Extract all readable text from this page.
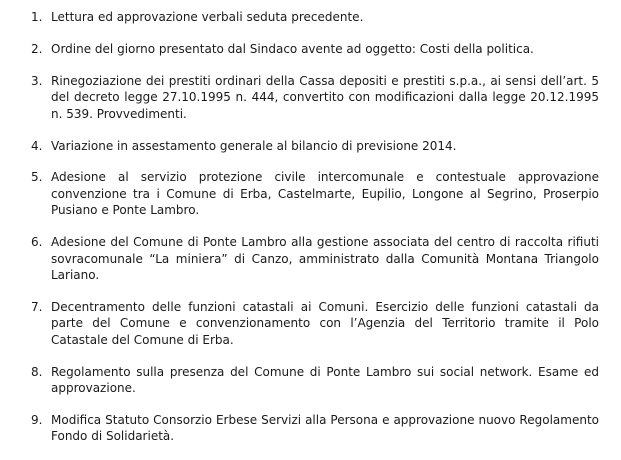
1. Lettura ed approvazione verbali seduta precedente.
2. Ordine del giorno presentato dal Sindaco avente ad oggetto: Costi della politica.
3. Rinegoziazione dei prestiti ordinari della Cassa depositi e prestiti s.p.a., ai sensi dell’art. 5 del decreto legge 27.10.1995 n. 444, convertito con modificazioni dalla legge 20.12.1995 n. 539. Provvedimenti.
4. Variazione in assestamento generale al bilancio di previsione 2014.
5. Adesione al servizio protezione civile intercomunale e contestuale approvazione convenzione tra i Comune di Erba, Castelmarte, Eupilio, Longone al Segrino, Proserpio Pusiano e Ponte Lambro.
6. Adesione del Comune di Ponte Lambro alla gestione associata del centro di raccolta rifiuti sovracomunale “La miniera” di Canzo, amministrato dalla Comunità Montana Triangolo Lariano.
7. Decentramento delle funzioni catastali ai Comuni. Esercizio delle funzioni catastali da parte del Comune e convenzionamento con l’Agenzia del Territorio tramite il Polo Catastale del Comune di Erba.
8. Regolamento sulla presenza del Comune di Ponte Lambro sui social network. Esame ed approvazione.
9. Modifica Statuto Consorzio Erbese Servizi alla Persona e approvazione nuovo Regolamento Fondo di Solidarietà.
